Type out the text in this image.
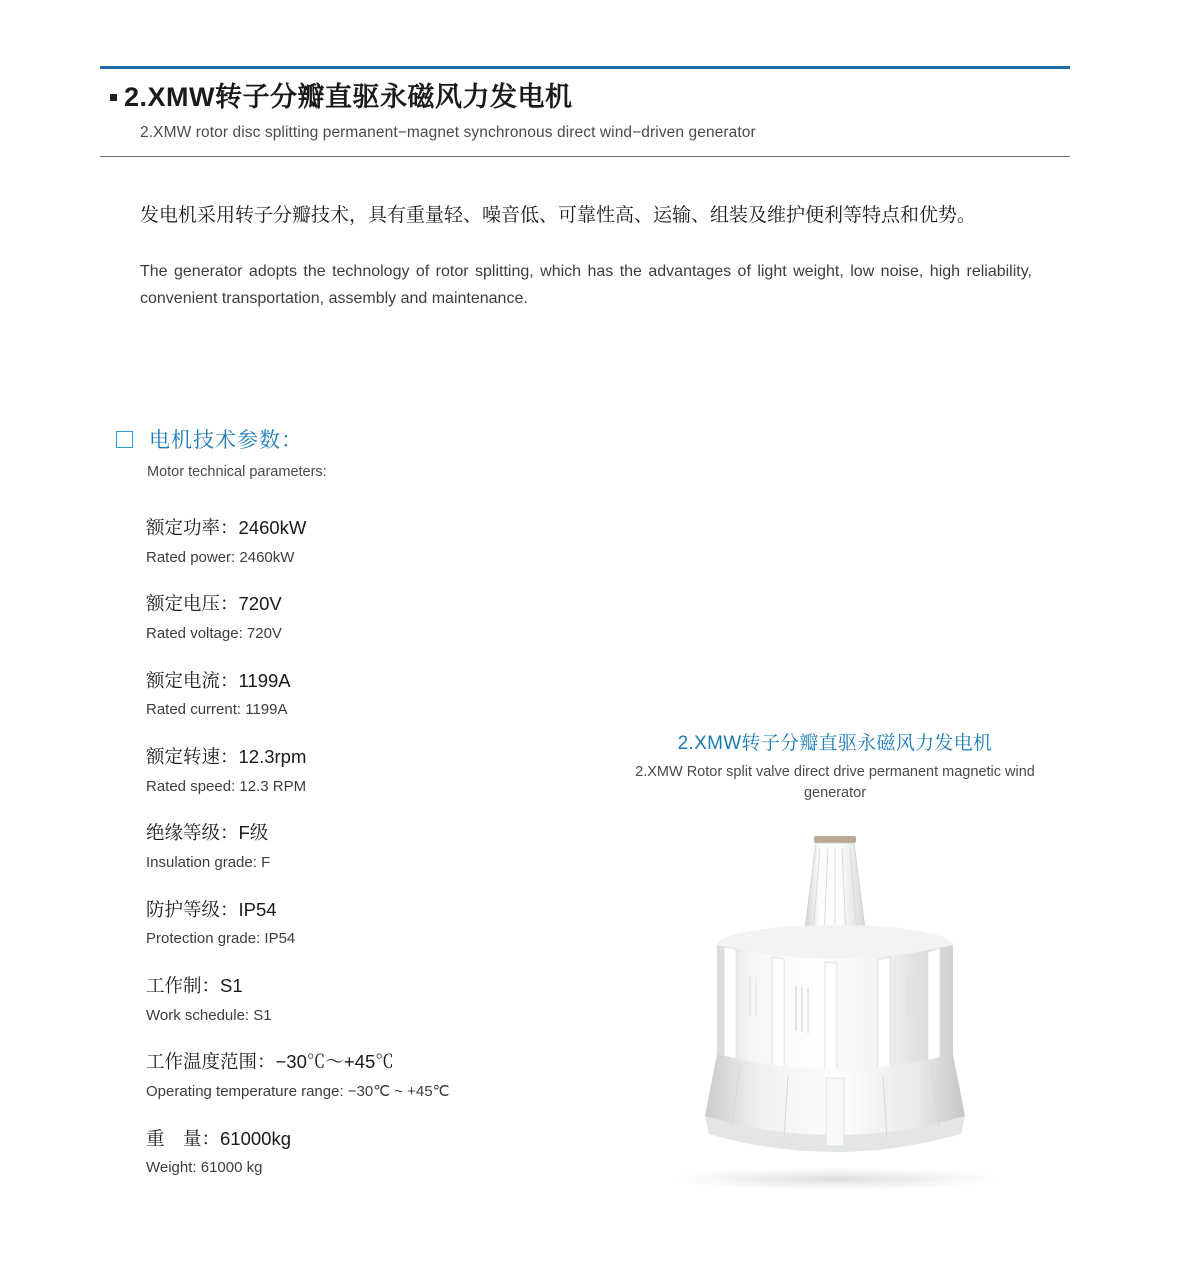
2.XMW转子分瓣直驱永磁风力发电机
2.XMW rotor disc splitting permanent−magnet synchronous direct wind−driven generator
发电机采用转子分瓣技术，具有重量轻、噪音低、可靠性高、运输、组装及维护便利等特点和优势。
The generator adopts the technology of rotor splitting, which has the advantages of light weight, low noise, high reliability, convenient transportation, assembly and maintenance.
电机技术参数：
Motor technical parameters:
额定功率：2460kW
Rated power: 2460kW
额定电压：720V
Rated voltage: 720V
额定电流：1199A
Rated current: 1199A
额定转速：12.3rpm
Rated speed: 12.3 RPM
绝缘等级：F级
Insulation grade: F
防护等级：IP54
Protection grade: IP54
工作制：S1
Work schedule: S1
工作温度范围：−30℃～+45℃
Operating temperature range: −30℃ ~ +45℃
重　量：61000kg
Weight: 61000 kg
2.XMW转子分瓣直驱永磁风力发电机
2.XMW Rotor split valve direct drive permanent magnetic wind generator
